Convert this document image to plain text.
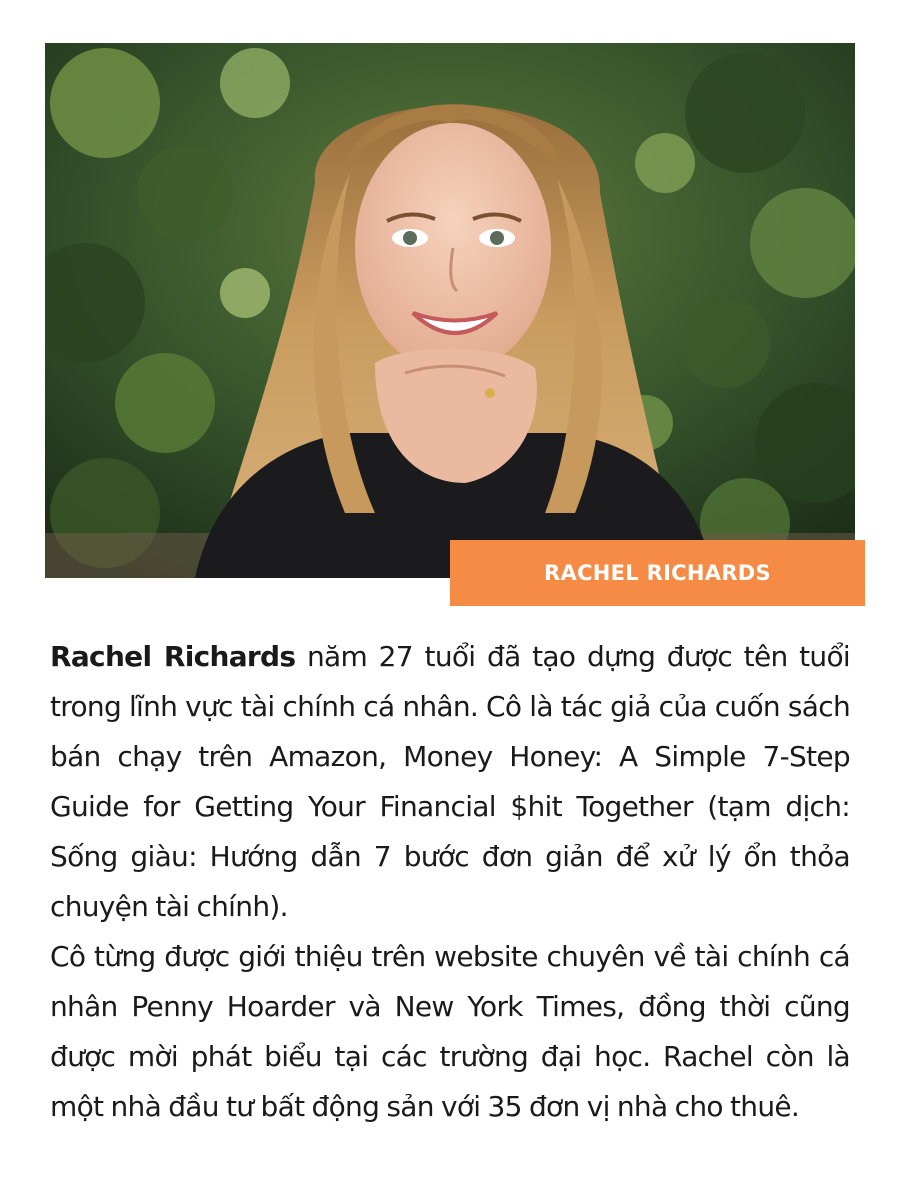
RACHEL RICHARDS

Rachel Richards năm 27 tuổi đã tạo dựng được tên tuổi trong lĩnh vực tài chính cá nhân. Cô là tác giả của cuốn sách bán chạy trên Amazon, Money Honey: A Simple 7-Step Guide for Getting Your Financial $hit Together (tạm dịch: Sống giàu: Hướng dẫn 7 bước đơn giản để xử lý ổn thỏa chuyện tài chính).

Cô từng được giới thiệu trên website chuyên về tài chính cá nhân Penny Hoarder và New York Times, đồng thời cũng được mời phát biểu tại các trường đại học. Rachel còn là một nhà đầu tư bất động sản với 35 đơn vị nhà cho thuê.
